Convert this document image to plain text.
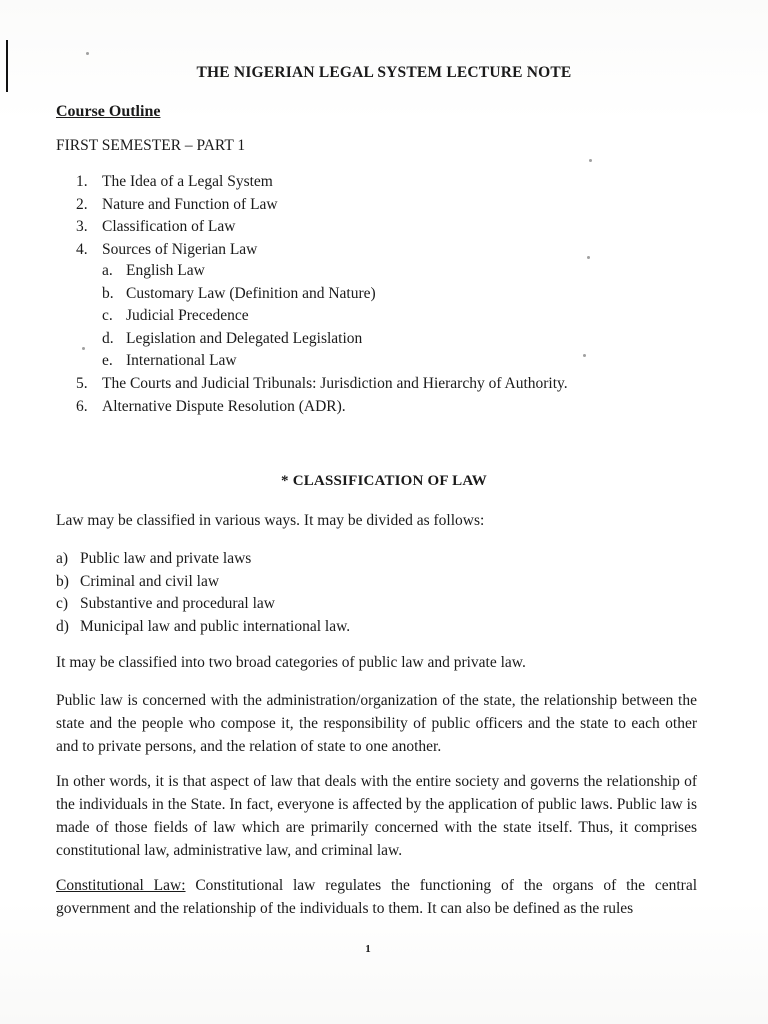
THE NIGERIAN LEGAL SYSTEM LECTURE NOTE
Course Outline
FIRST SEMESTER – PART 1
1. The Idea of a Legal System
2. Nature and Function of Law
3. Classification of Law
4. Sources of Nigerian Law
a. English Law
b. Customary Law (Definition and Nature)
c. Judicial Precedence
d. Legislation and Delegated Legislation
e. International Law
5. The Courts and Judicial Tribunals: Jurisdiction and Hierarchy of Authority.
6. Alternative Dispute Resolution (ADR).
* CLASSIFICATION OF LAW
Law may be classified in various ways. It may be divided as follows:
a) Public law and private laws
b) Criminal and civil law
c) Substantive and procedural law
d) Municipal law and public international law.

It may be classified into two broad categories of public law and private law.

Public law is concerned with the administration/organization of the state, the relationship between the state and the people who compose it, the responsibility of public officers and the state to each other and to private persons, and the relation of state to one another.

In other words, it is that aspect of law that deals with the entire society and governs the relationship of the individuals in the State. In fact, everyone is affected by the application of public laws. Public law is made of those fields of law which are primarily concerned with the state itself. Thus, it comprises constitutional law, administrative law, and criminal law.

Constitutional Law: Constitutional law regulates the functioning of the organs of the central government and the relationship of the individuals to them. It can also be defined as the rules

1
